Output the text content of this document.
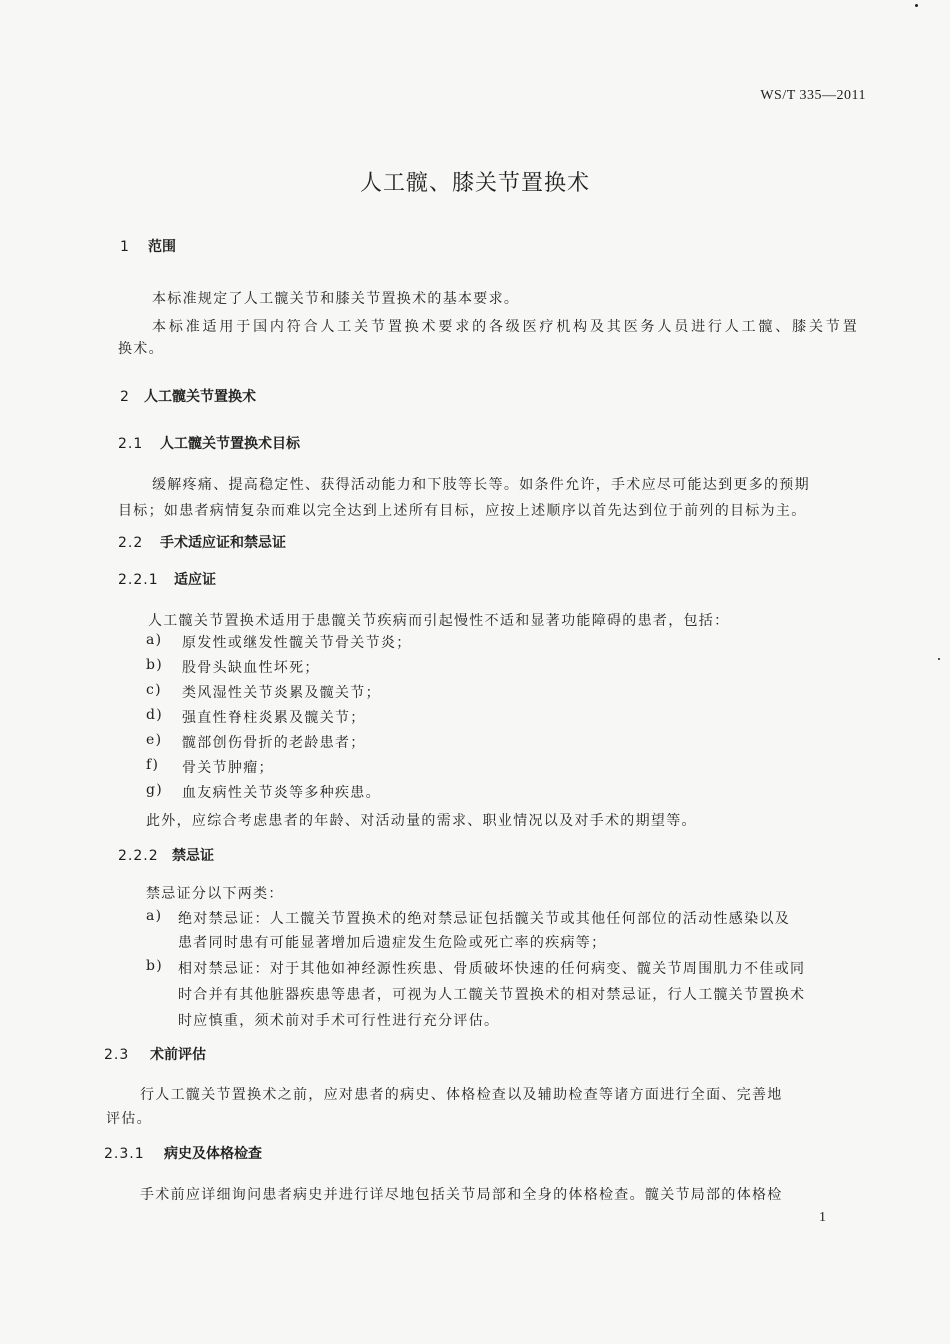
WS/T 335—2011
人工髋、膝关节置换术
1 范围
本标准规定了人工髋关节和膝关节置换术的基本要求。
本标准适用于国内符合人工关节置换术要求的各级医疗机构及其医务人员进行人工髋、膝关节置
换术。
2 人工髋关节置换术
2.1 人工髋关节置换术目标
缓解疼痛、提高稳定性、获得活动能力和下肢等长等。如条件允许，手术应尽可能达到更多的预期
目标；如患者病情复杂而难以完全达到上述所有目标，应按上述顺序以首先达到位于前列的目标为主。
2.2 手术适应证和禁忌证
2.2.1 适应证
人工髋关节置换术适用于患髋关节疾病而引起慢性不适和显著功能障碍的患者，包括：
a) 原发性或继发性髋关节骨关节炎；
b) 股骨头缺血性坏死；
c) 类风湿性关节炎累及髋关节；
d) 强直性脊柱炎累及髋关节；
e) 髋部创伤骨折的老龄患者；
f) 骨关节肿瘤；
g) 血友病性关节炎等多种疾患。
此外，应综合考虑患者的年龄、对活动量的需求、职业情况以及对手术的期望等。
2.2.2 禁忌证
禁忌证分以下两类：
a) 绝对禁忌证：人工髋关节置换术的绝对禁忌证包括髋关节或其他任何部位的活动性感染以及
患者同时患有可能显著增加后遗症发生危险或死亡率的疾病等；
b) 相对禁忌证：对于其他如神经源性疾患、骨质破坏快速的任何病变、髋关节周围肌力不佳或同
时合并有其他脏器疾患等患者，可视为人工髋关节置换术的相对禁忌证，行人工髋关节置换术
时应慎重，须术前对手术可行性进行充分评估。
2.3 术前评估
行人工髋关节置换术之前，应对患者的病史、体格检查以及辅助检查等诸方面进行全面、完善地
评估。
2.3.1 病史及体格检查
手术前应详细询问患者病史并进行详尽地包括关节局部和全身的体格检查。髋关节局部的体格检
1
